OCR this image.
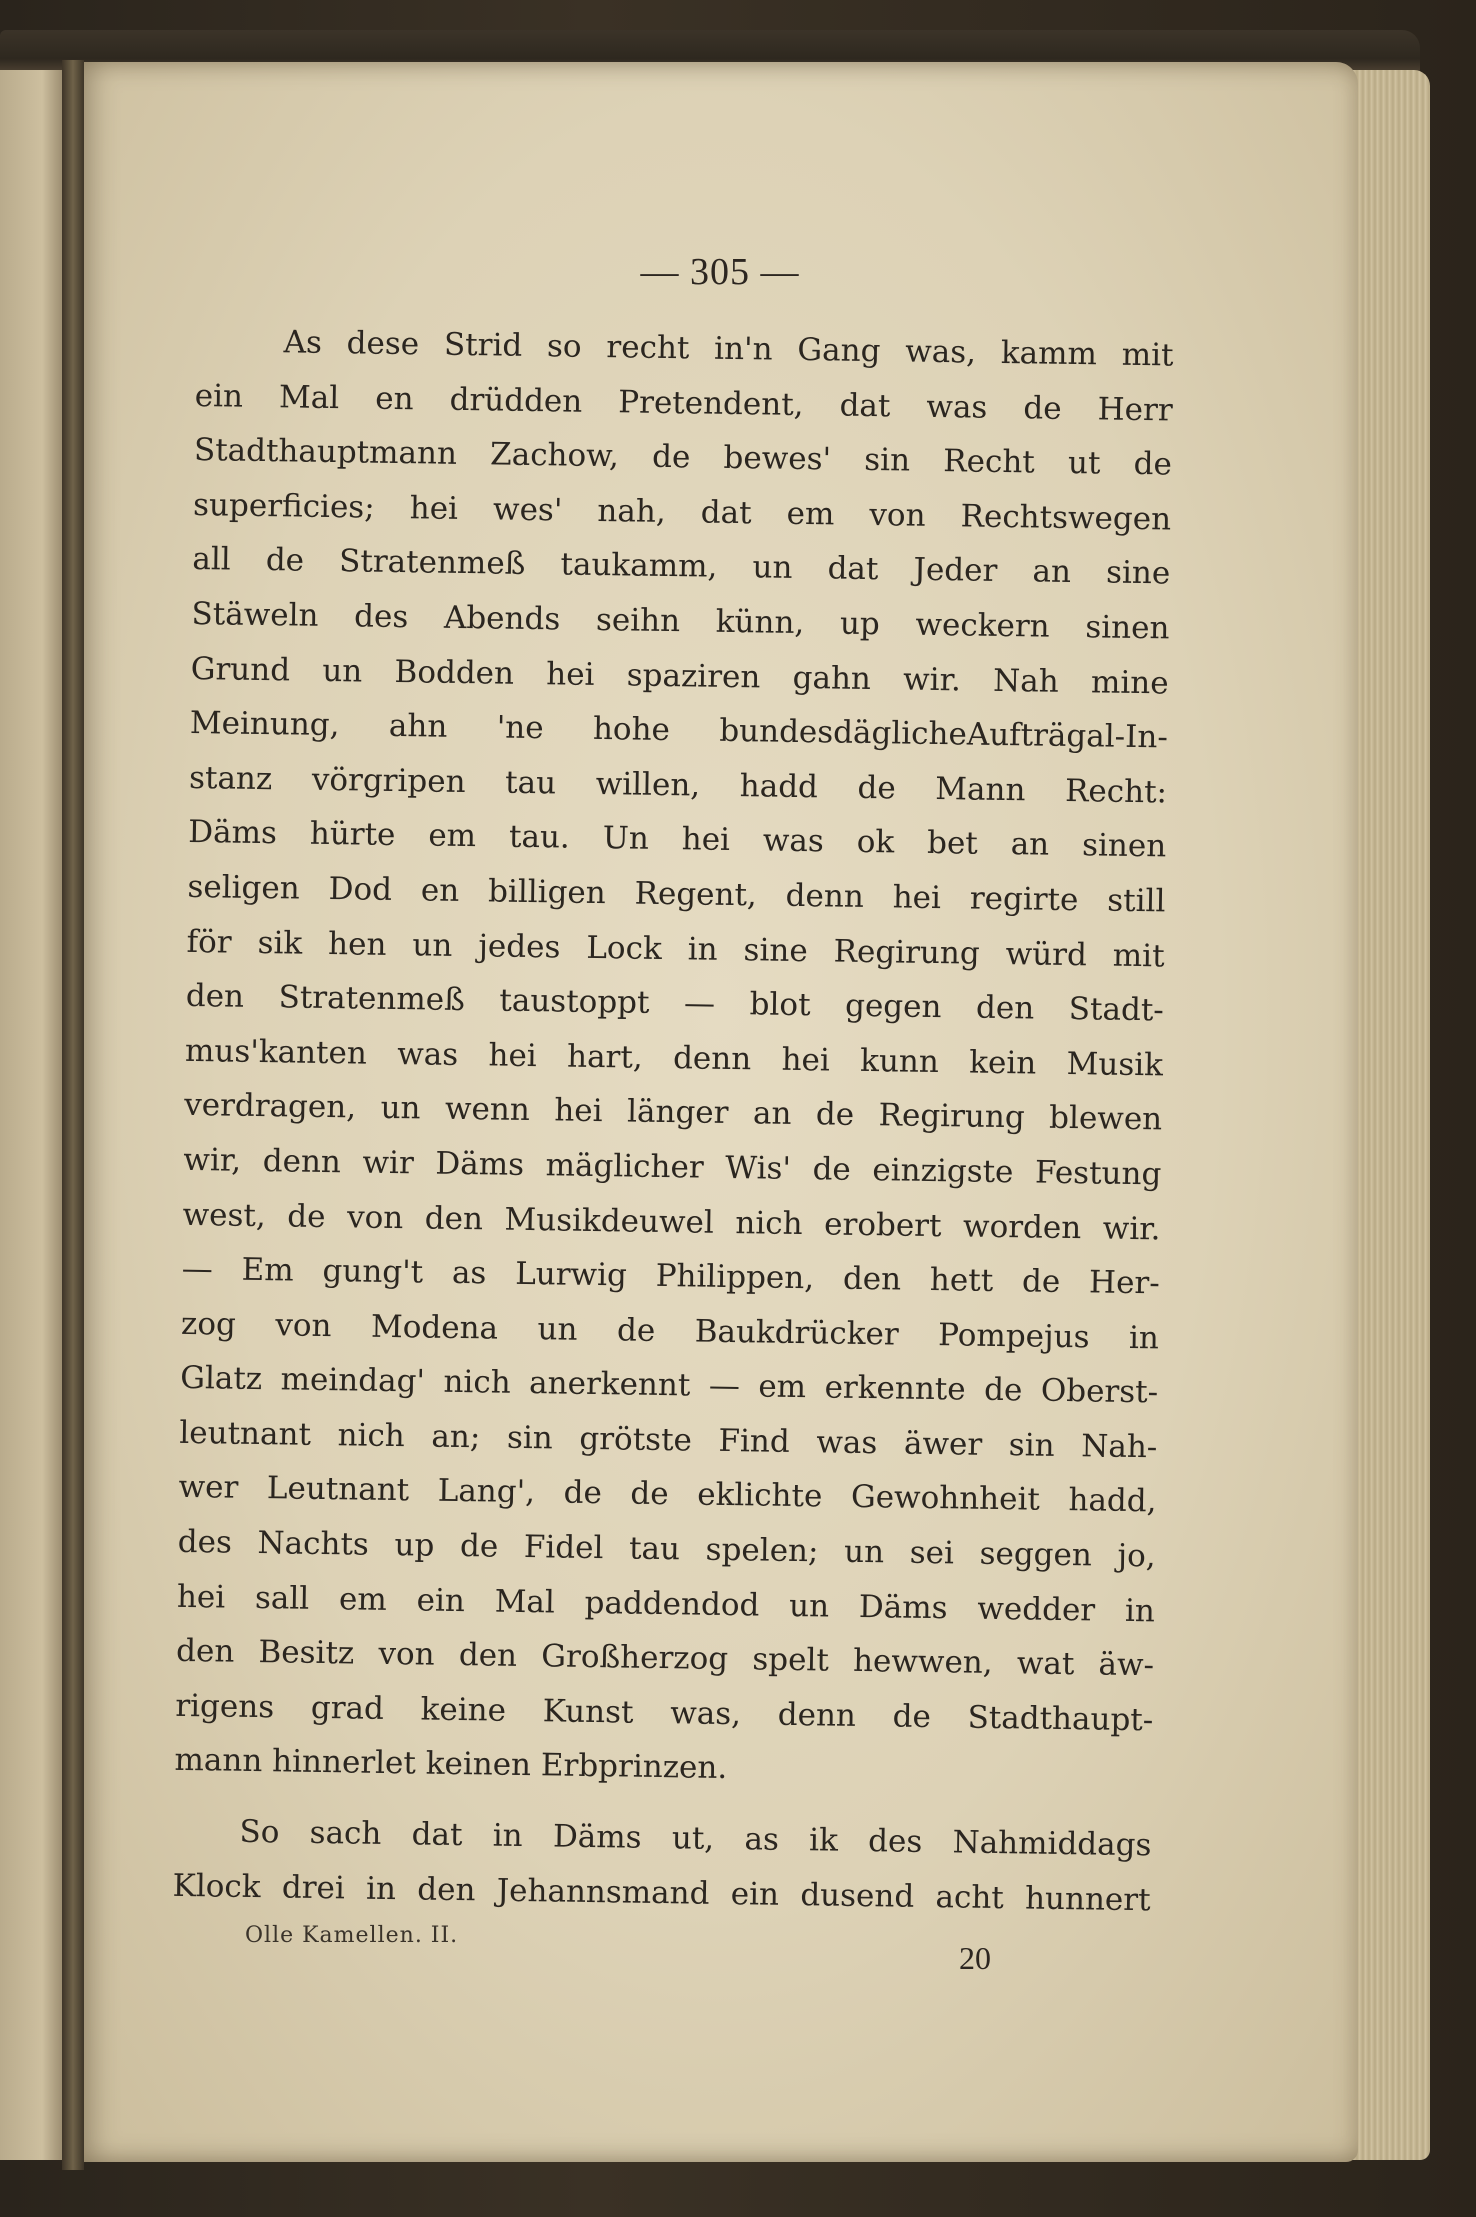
— 305 —
As dese Strid so recht in'n Gang was, kamm mit
ein Mal en drüdden Pretendent, dat was de Herr
Stadthauptmann Zachow, de bewes' sin Recht ut de
superficies; hei wes' nah, dat em von Rechtswegen
all de Stratenmeß taukamm, un dat Jeder an sine
Stäweln des Abends seihn künn, up weckern sinen
Grund un Bodden hei spaziren gahn wir. Nah mine
Meinung, ahn 'ne hohe bundesdäglicheAufträgal-In-
stanz vörgripen tau willen, hadd de Mann Recht:
Däms hürte em tau. Un hei was ok bet an sinen
seligen Dod en billigen Regent, denn hei regirte still
för sik hen un jedes Lock in sine Regirung würd mit
den Stratenmeß taustoppt — blot gegen den Stadt-
mus'kanten was hei hart, denn hei kunn kein Musik
verdragen, un wenn hei länger an de Regirung blewen
wir, denn wir Däms mäglicher Wis' de einzigste Festung
west, de von den Musikdeuwel nich erobert worden wir.
— Em gung't as Lurwig Philippen, den hett de Her-
zog von Modena un de Baukdrücker Pompejus in
Glatz meindag' nich anerkennt — em erkennte de Oberst-
leutnant nich an; sin grötste Find was äwer sin Nah-
wer Leutnant Lang', de de eklichte Gewohnheit hadd,
des Nachts up de Fidel tau spelen; un sei seggen jo,
hei sall em ein Mal paddendod un Däms wedder in
den Besitz von den Großherzog spelt hewwen, wat äw-
rigens grad keine Kunst was, denn de Stadthaupt-
mann hinnerlet keinen Erbprinzen.
So sach dat in Däms ut, as ik des Nahmiddags
Klock drei in den Jehannsmand ein dusend acht hunnert
Olle Kamellen. II.
20
